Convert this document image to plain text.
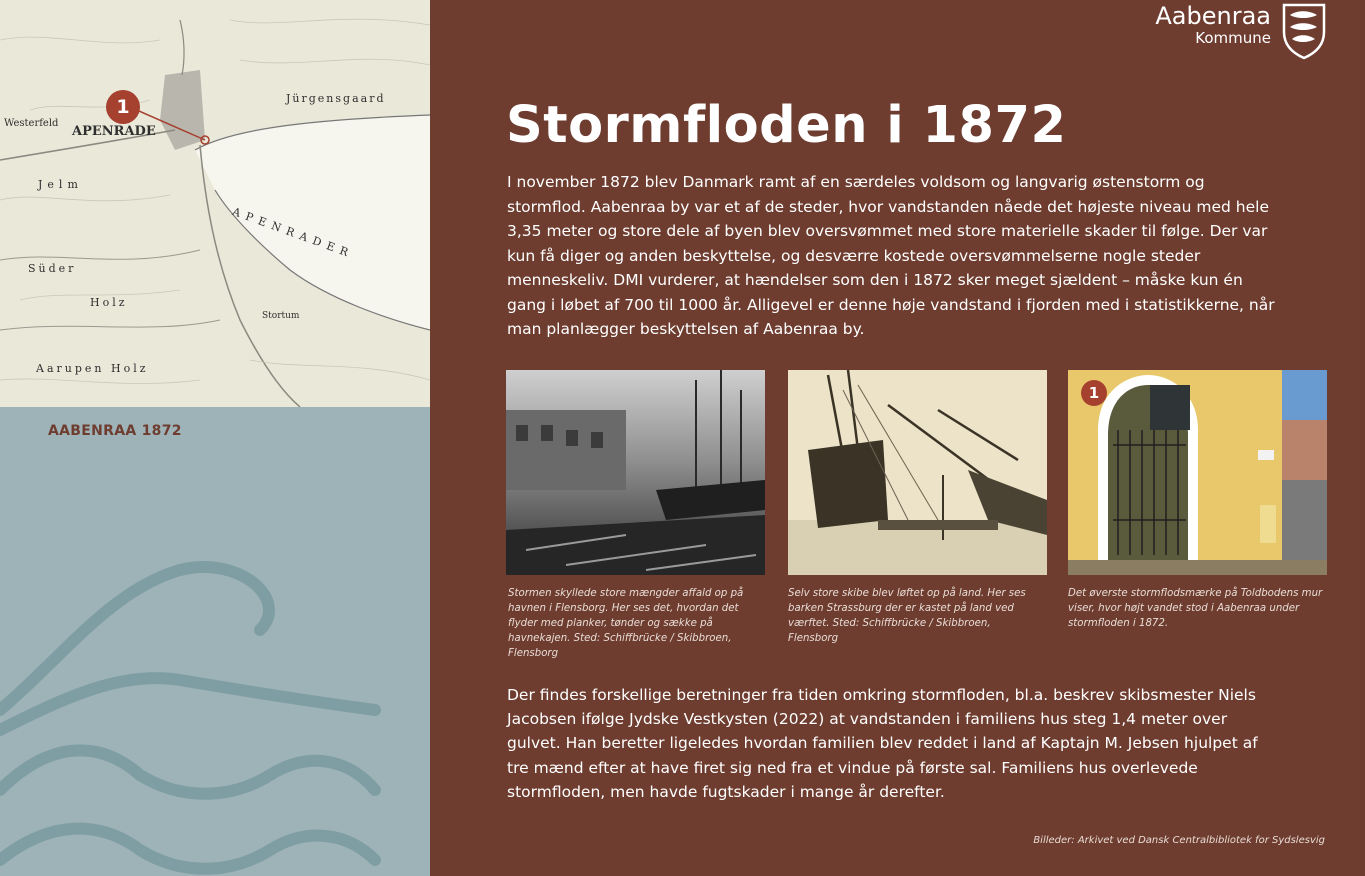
1
Westerfeld
APENRADE
Jürgensgaard
APENRADER
Jelm
Süder
Holz
Stortum
Aarupen Holz
AABENRAA 1872
Aabenraa
Kommune
Stormfloden i 1872

I november 1872 blev Danmark ramt af en særdeles voldsom og langvarig østenstorm og stormflod. Aabenraa by var et af de steder, hvor vandstanden nåede det højeste niveau med hele 3,35 meter og store dele af byen blev oversvømmet med store materielle skader til følge. Der var kun få diger og anden beskyttelse, og desværre kostede oversvømmelserne nogle steder menneskeliv. DMI vurderer, at hændelser som den i 1872 sker meget sjældent – måske kun én gang i løbet af 700 til 1000 år. Alligevel er denne høje vandstand i fjorden med i statistikkerne, når man planlægger beskyttelsen af Aabenraa by.

Stormen skyllede store mængder affald op på havnen i Flensborg. Her ses det, hvordan det flyder med planker, tønder og sække på havnekajen. Sted: Schiffbrücke / Skibbroen, Flensborg
Selv store skibe blev løftet op på land. Her ses barken Strassburg der er kastet på land ved værftet. Sted: Schiffbrücke / Skibbroen, Flensborg
1
Det øverste stormflodsmærke på Toldbodens mur viser, hvor højt vandet stod i Aabenraa under stormfloden i 1872.

Der findes forskellige beretninger fra tiden omkring stormfloden, bl.a. beskrev skibsmester Niels Jacobsen ifølge Jydske Vestkysten (2022) at vandstanden i familiens hus steg 1,4 meter over gulvet. Han beretter ligeledes hvordan familien blev reddet i land af Kaptajn M. Jebsen hjulpet af tre mænd efter at have firet sig ned fra et vindue på første sal. Familiens hus overlevede stormfloden, men havde fugtskader i mange år derefter.

Billeder: Arkivet ved Dansk Centralbibliotek for Sydslesvig
